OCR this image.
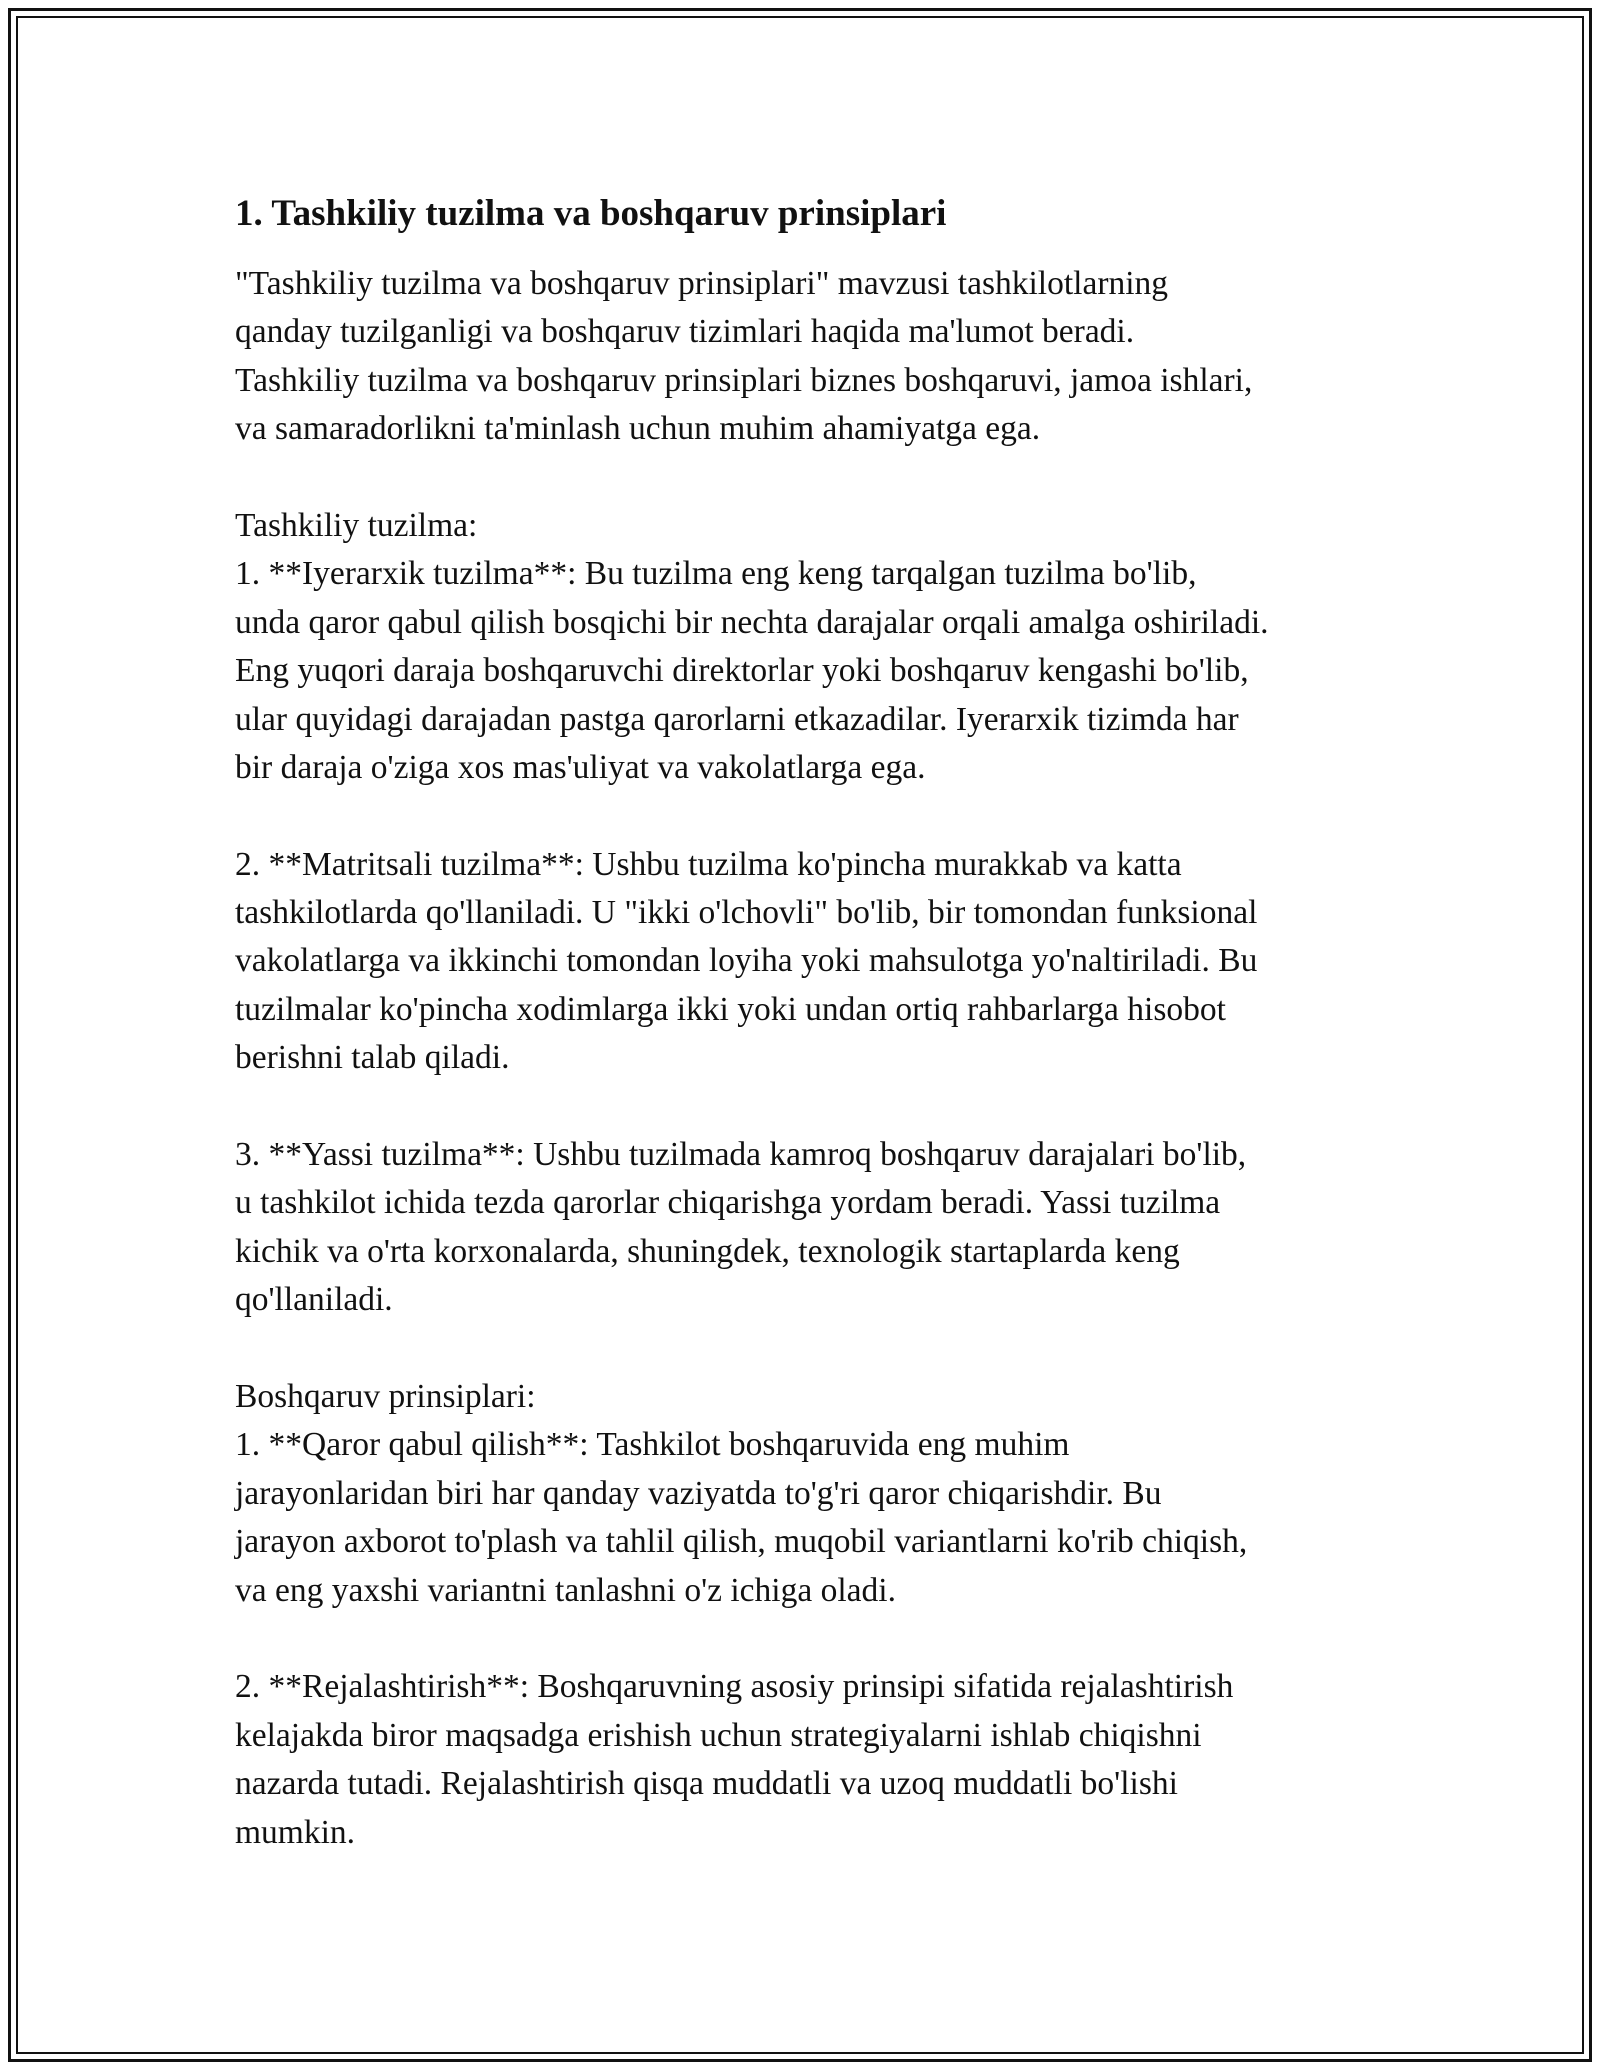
1. Tashkiliy tuzilma va boshqaruv prinsiplari
"Tashkiliy tuzilma va boshqaruv prinsiplari" mavzusi tashkilotlarning
qanday tuzilganligi va boshqaruv tizimlari haqida ma'lumot beradi.
Tashkiliy tuzilma va boshqaruv prinsiplari biznes boshqaruvi, jamoa ishlari,
va samaradorlikni ta'minlash uchun muhim ahamiyatga ega.
Tashkiliy tuzilma:
1. **Iyerarxik tuzilma**: Bu tuzilma eng keng tarqalgan tuzilma bo'lib,
unda qaror qabul qilish bosqichi bir nechta darajalar orqali amalga oshiriladi.
Eng yuqori daraja boshqaruvchi direktorlar yoki boshqaruv kengashi bo'lib,
ular quyidagi darajadan pastga qarorlarni etkazadilar. Iyerarxik tizimda har
bir daraja o'ziga xos mas'uliyat va vakolatlarga ega.
2. **Matritsali tuzilma**: Ushbu tuzilma ko'pincha murakkab va katta
tashkilotlarda qo'llaniladi. U "ikki o'lchovli" bo'lib, bir tomondan funksional
vakolatlarga va ikkinchi tomondan loyiha yoki mahsulotga yo'naltiriladi. Bu
tuzilmalar ko'pincha xodimlarga ikki yoki undan ortiq rahbarlarga hisobot
berishni talab qiladi.
3. **Yassi tuzilma**: Ushbu tuzilmada kamroq boshqaruv darajalari bo'lib,
u tashkilot ichida tezda qarorlar chiqarishga yordam beradi. Yassi tuzilma
kichik va o'rta korxonalarda, shuningdek, texnologik startaplarda keng
qo'llaniladi.
Boshqaruv prinsiplari:
1. **Qaror qabul qilish**: Tashkilot boshqaruvida eng muhim
jarayonlaridan biri har qanday vaziyatda to'g'ri qaror chiqarishdir. Bu
jarayon axborot to'plash va tahlil qilish, muqobil variantlarni ko'rib chiqish,
va eng yaxshi variantni tanlashni o'z ichiga oladi.
2. **Rejalashtirish**: Boshqaruvning asosiy prinsipi sifatida rejalashtirish
kelajakda biror maqsadga erishish uchun strategiyalarni ishlab chiqishni
nazarda tutadi. Rejalashtirish qisqa muddatli va uzoq muddatli bo'lishi
mumkin.
